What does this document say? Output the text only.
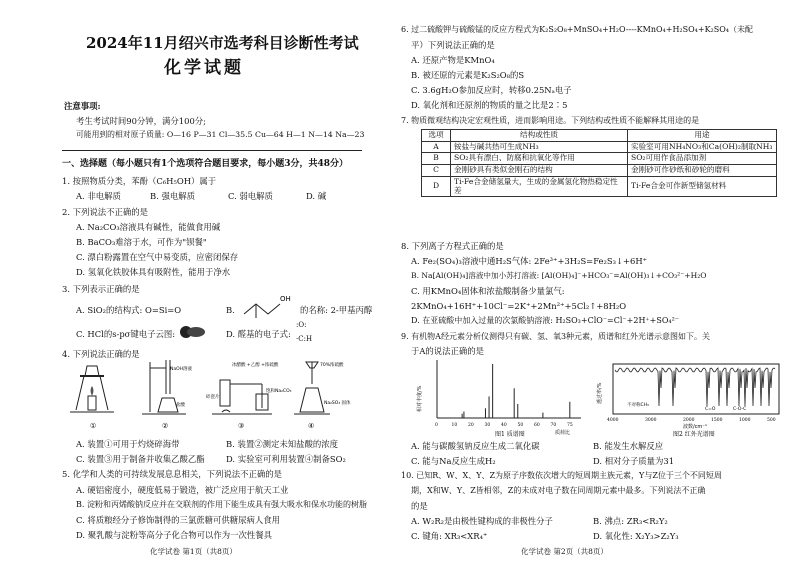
2024年11月绍兴市选考科目诊断性考试
化学试题
注意事项:
考生考试时间90分钟，满分100分;
可能用到的相对原子质量: O—16 P—31 Cl—35.5 Cu—64 H—1 N—14 Na—23
一、选择题（每小题只有1个选项符合题目要求，每小题3分，共48分）
1. 按照物质分类，苯酚（C₆H₅OH）属于
A. 非电解质	B. 强电解质	C. 弱电解质	D. 碱
2. 下列说法不正确的是
A. Na₂CO₃溶液具有碱性，能做食用碱
B. BaCO₃难溶于水，可作为"钡餐"
C. 漂白粉露置在空气中易变质，应密闭保存
D. 氢氧化铁胶体具有吸附性，能用于净水
3. 下列表示正确的是
A. SiO₂的结构式: O=Si=O	B.
OH
的名称: 2-甲基丙醇
C. HCl的s-pσ键电子云图:	D. 醛基的电子式:
:O:
·C:H
4. 下列说法正确的是
NaOH溶液
盐酸
冰醋酸 +乙醇 +浓硫酸
饱和Na₂CO₃
碎瓷片
70%浓硫酸
Na₂SO₃ 固体
①	②	③	④
A. 装置①可用于灼烧碎海带	B. 装置②测定未知盐酸的浓度
C. 装置③用于制备并收集乙酸乙酯	D. 实验室可利用装置④制备SO₂
5. 化学和人类的可持续发展息息相关，下列说法不正确的是
A. 硬铝密度小，硬度低易于锻造，被广泛应用于航天工业
B. 淀粉和丙烯酸钠反应并在交联剂的作用下能生成具有强大吸水和保水功能的树脂
C. 将质粮经分子修饰制得的三氯蔗糖可供糖尿病人食用
D. 聚乳酸与淀粉等高分子化合物可以作为一次性餐具
化学试卷 第1页（共8页）
6. 过二硫酸钾与硫酸锰的反应方程式为K₂S₂O₈+MnSO₄+H₂O----KMnO₄+H₂SO₄+K₂SO₄（未配
平）下列说法正确的是
A. 还原产物是KMnO₄
B. 被还原的元素是K₂S₂O₈的S
C. 3.6gH₂O参加反应时，转移0.25Nₐ电子
D. 氧化剂和还原剂的物质的量之比是2∶5
7. 物质微观结构决定宏观性质，进而影响用途。下列结构或性质不能解释其用途的是
选项	结构或性质	用途
A	铵盐与碱共热可生成NH₃	实验室可用NH₄NO₃和Ca(OH)₂制取NH₃
B	SO₂具有漂白、防腐和抗氧化等作用	SO₂可用作食品添加剂
C	金刚砂具有类似金刚石的结构	金刚砂可作砂纸和砂轮的磨料
D	Ti-Fe合金储氢量大，生成的金属氢化物热稳定性差	Ti-Fe合金可作新型储氢材料
8. 下列离子方程式正确的是
A. Fe₂(SO₄)₃溶液中通H₂S气体: 2Fe³⁺+3H₂S=Fe₂S₃↓+6H⁺
B. Na[Al(OH)₄]溶液中加小苏打溶液: [Al(OH)₄]⁻+HCO₃⁻=Al(OH)₃↓+CO₃²⁻+H₂O
C. 用KMnO₄固体和浓盐酸制备少量氯气:
2KMnO₄+16H⁺+10Cl⁻=2K⁺+2Mn²⁺+5Cl₂↑+8H₂O
D. 在亚硫酸中加入过量的次氯酸钠溶液: H₂SO₃+ClO⁻=Cl⁻+2H⁺+SO₄²⁻
9. 有机物A经元素分析仪测得只有碳、氢、氧3种元素，质谱和红外光谱示意图如下。关
于A的说法正确的是
0	10 20 30 40 50 60 70 75
相对丰度/%
质荷比
图1 质谱图
4000	3000	2000	1500	1000	500
透过率/%
波数/cm⁻¹
不对称CH₃
C=O	C-O-C
图2 红外光谱图
A. 能与碳酸氢钠反应生成二氧化碳	B. 能发生水解反应
C. 能与Na反应生成H₂	D. 相对分子质量为31
10. 已知R、W、X、Y、Z为原子序数依次增大的短周期主族元素，Y与Z位于三个不同短周
期，X和W、Y、Z皆相邻，Z的未成对电子数在同周期元素中最多。下列说法不正确
的是
A. W₂R₂是由极性键构成的非极性分子	B. 沸点: ZR₃<R₂Y₂
C. 键角: XR₃<XR₄⁺	D. 氧化性: X₂Y₃>Z₂Y₃
化学试卷 第2页（共8页）
